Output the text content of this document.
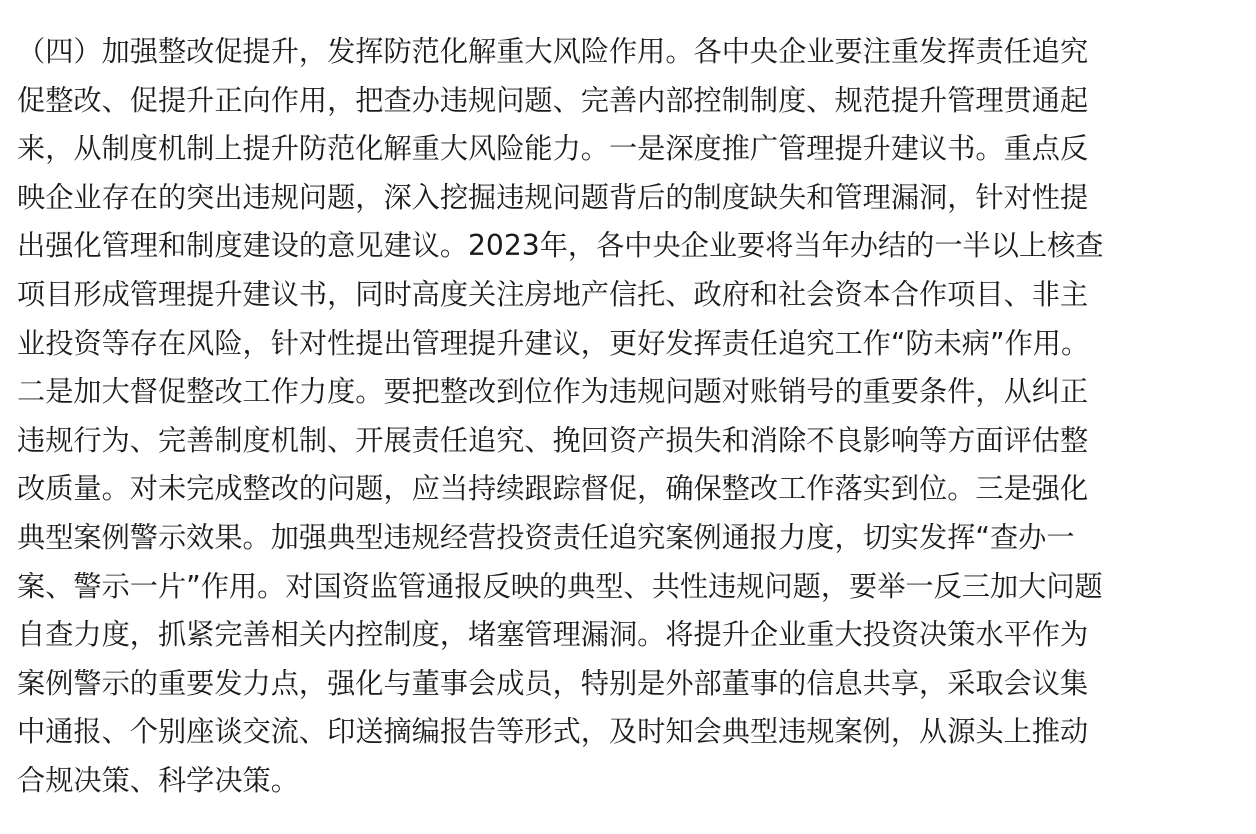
（四）加强整改促提升，发挥防范化解重大风险作用。各中央企业要注重发挥责任追究
促整改、促提升正向作用，把查办违规问题、完善内部控制制度、规范提升管理贯通起
来，从制度机制上提升防范化解重大风险能力。一是深度推广管理提升建议书。重点反
映企业存在的突出违规问题，深入挖掘违规问题背后的制度缺失和管理漏洞，针对性提
出强化管理和制度建设的意见建议。2023年，各中央企业要将当年办结的一半以上核查
项目形成管理提升建议书，同时高度关注房地产信托、政府和社会资本合作项目、非主
业投资等存在风险，针对性提出管理提升建议，更好发挥责任追究工作“防未病”作用。
二是加大督促整改工作力度。要把整改到位作为违规问题对账销号的重要条件，从纠正
违规行为、完善制度机制、开展责任追究、挽回资产损失和消除不良影响等方面评估整
改质量。对未完成整改的问题，应当持续跟踪督促，确保整改工作落实到位。三是强化
典型案例警示效果。加强典型违规经营投资责任追究案例通报力度，切实发挥“查办一
案、警示一片”作用。对国资监管通报反映的典型、共性违规问题，要举一反三加大问题
自查力度，抓紧完善相关内控制度，堵塞管理漏洞。将提升企业重大投资决策水平作为
案例警示的重要发力点，强化与董事会成员，特别是外部董事的信息共享，采取会议集
中通报、个别座谈交流、印送摘编报告等形式，及时知会典型违规案例，从源头上推动
合规决策、科学决策。
